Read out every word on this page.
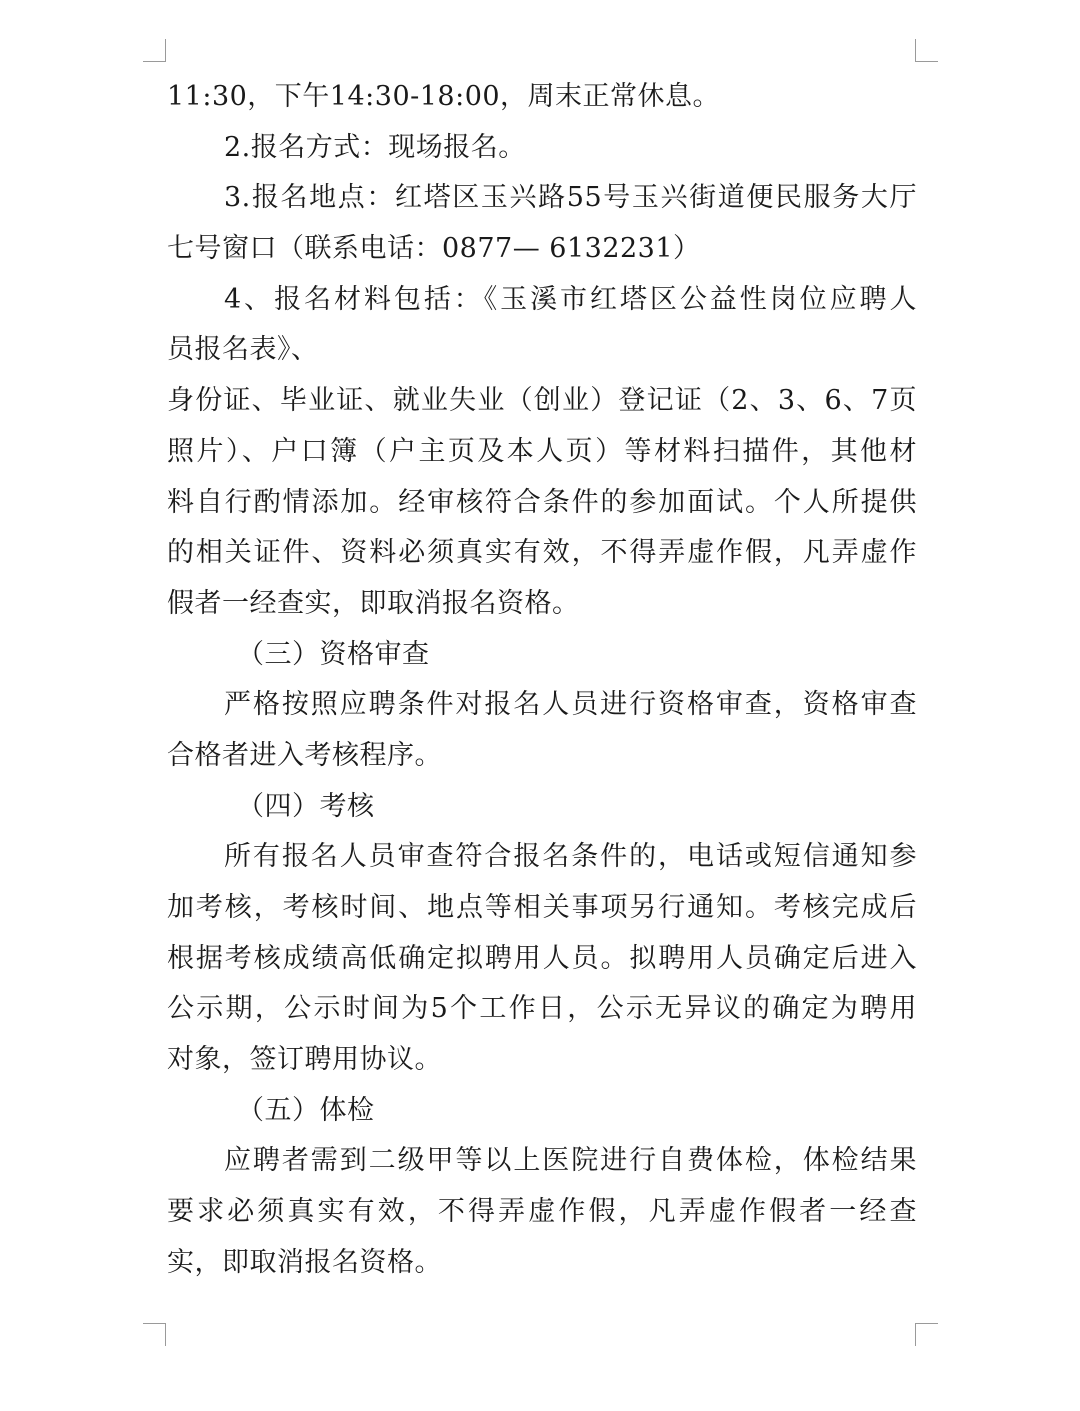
11:30，下午14:30-18:00，周末正常休息。
2.报名方式：现场报名。
3.报名地点：红塔区玉兴路55号玉兴街道便民服务大厅
七号窗口（联系电话：0877— 6132231）
4、报名材料包括：《玉溪市红塔区公益性岗位应聘人
员报名表》、
身份证、毕业证、就业失业（创业）登记证（2、3、6、7页
照片）、户口簿（户主页及本人页）等材料扫描件，其他材
料自行酌情添加。经审核符合条件的参加面试。个人所提供
的相关证件、资料必须真实有效，不得弄虚作假，凡弄虚作
假者一经查实，即取消报名资格。
（三）资格审查
严格按照应聘条件对报名人员进行资格审查，资格审查
合格者进入考核程序。
（四）考核
所有报名人员审查符合报名条件的，电话或短信通知参
加考核，考核时间、地点等相关事项另行通知。考核完成后
根据考核成绩高低确定拟聘用人员。拟聘用人员确定后进入
公示期，公示时间为5个工作日，公示无异议的确定为聘用
对象，签订聘用协议。
（五）体检
应聘者需到二级甲等以上医院进行自费体检，体检结果
要求必须真实有效，不得弄虚作假，凡弄虚作假者一经查
实，即取消报名资格。
